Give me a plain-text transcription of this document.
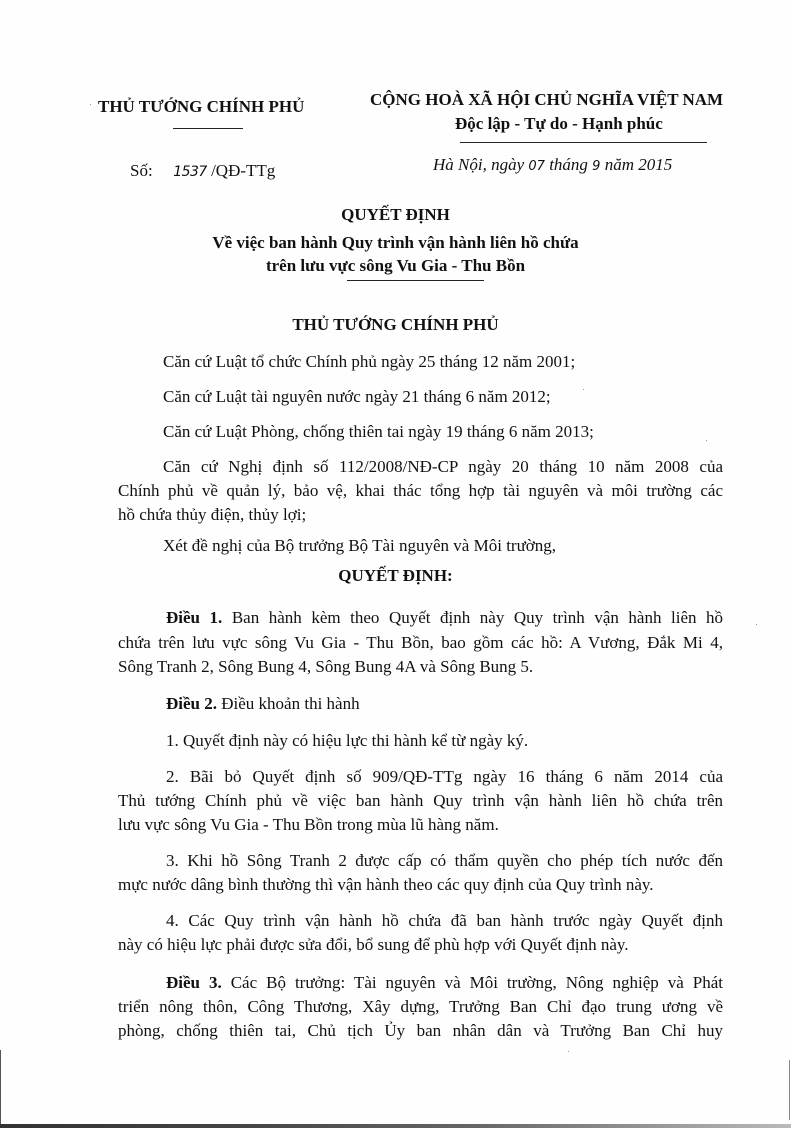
THỦ TƯỚNG CHÍNH PHỦ
Số: 1537 /QĐ-TTg
CỘNG HOÀ XÃ HỘI CHỦ NGHĨA VIỆT NAM
Độc lập - Tự do - Hạnh phúc
Hà Nội, ngày 07 tháng 9 năm 2015
QUYẾT ĐỊNH
Về việc ban hành Quy trình vận hành liên hồ chứa
trên lưu vực sông Vu Gia - Thu Bồn
THỦ TƯỚNG CHÍNH PHỦ
Căn cứ Luật tổ chức Chính phủ ngày 25 tháng 12 năm 2001;
Căn cứ Luật tài nguyên nước ngày 21 tháng 6 năm 2012;
Căn cứ Luật Phòng, chống thiên tai ngày 19 tháng 6 năm 2013;
Căn cứ Nghị định số 112/2008/NĐ-CP ngày 20 tháng 10 năm 2008 của
Chính phủ về quản lý, bảo vệ, khai thác tổng hợp tài nguyên và môi trường các
hồ chứa thủy điện, thủy lợi;
Xét đề nghị của Bộ trưởng Bộ Tài nguyên và Môi trường,
QUYẾT ĐỊNH:
Điều 1. Ban hành kèm theo Quyết định này Quy trình vận hành liên hồ
chứa trên lưu vực sông Vu Gia - Thu Bồn, bao gồm các hồ: A Vương, Đắk Mi 4,
Sông Tranh 2, Sông Bung 4, Sông Bung 4A và Sông Bung 5.
Điều 2. Điều khoản thi hành
1. Quyết định này có hiệu lực thi hành kể từ ngày ký.
2. Bãi bỏ Quyết định số 909/QĐ-TTg ngày 16 tháng 6 năm 2014 của
Thủ tướng Chính phủ về việc ban hành Quy trình vận hành liên hồ chứa trên
lưu vực sông Vu Gia - Thu Bồn trong mùa lũ hàng năm.
3. Khi hồ Sông Tranh 2 được cấp có thẩm quyền cho phép tích nước đến
mực nước dâng bình thường thì vận hành theo các quy định của Quy trình này.
4. Các Quy trình vận hành hồ chứa đã ban hành trước ngày Quyết định
này có hiệu lực phải được sửa đổi, bổ sung để phù hợp với Quyết định này.
Điều 3. Các Bộ trưởng: Tài nguyên và Môi trường, Nông nghiệp và Phát
triển nông thôn, Công Thương, Xây dựng, Trưởng Ban Chỉ đạo trung ương về
phòng, chống thiên tai, Chủ tịch Ủy ban nhân dân và Trưởng Ban Chỉ huy
